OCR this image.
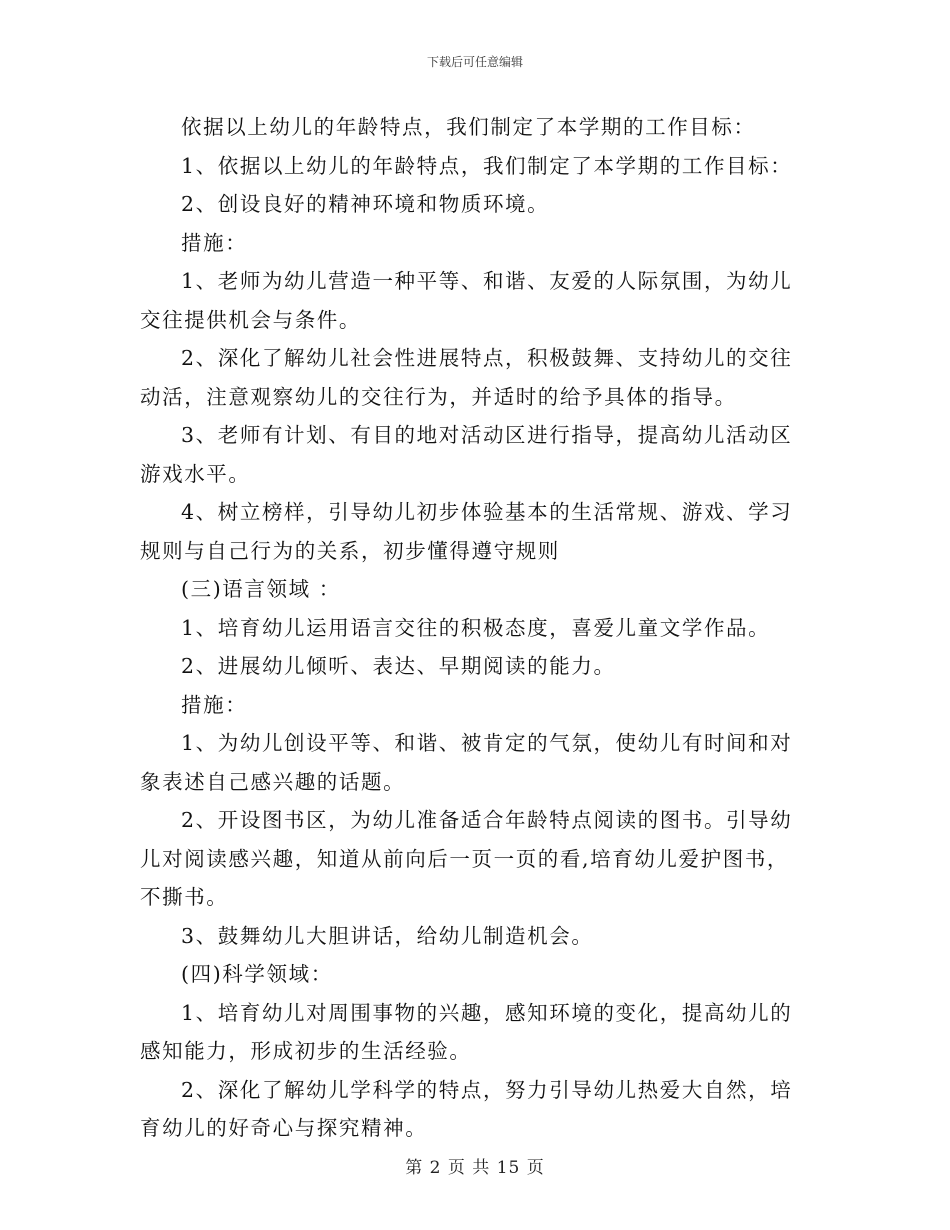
下载后可任意编辑

依据以上幼儿的年龄特点，我们制定了本学期的工作目标：

1、依据以上幼儿的年龄特点，我们制定了本学期的工作目标：

2、创设良好的精神环境和物质环境。

措施：

1、老师为幼儿营造一种平等、和谐、友爱的人际氛围，为幼儿交往提供机会与条件。

2、深化了解幼儿社会性进展特点，积极鼓舞、支持幼儿的交往动活，注意观察幼儿的交往行为，并适时的给予具体的指导。

3、老师有计划、有目的地对活动区进行指导，提高幼儿活动区游戏水平。

4、树立榜样，引导幼儿初步体验基本的生活常规、游戏、学习规则与自己行为的关系，初步懂得遵守规则

(三)语言领域 ：

1、培育幼儿运用语言交往的积极态度，喜爱儿童文学作品。

2、进展幼儿倾听、表达、早期阅读的能力。

措施：

1、为幼儿创设平等、和谐、被肯定的气氛，使幼儿有时间和对象表述自己感兴趣的话题。

2、开设图书区，为幼儿准备适合年龄特点阅读的图书。引导幼儿对阅读感兴趣，知道从前向后一页一页的看,培育幼儿爱护图书，不撕书。

3、鼓舞幼儿大胆讲话，给幼儿制造机会。

(四)科学领域：

1、培育幼儿对周围事物的兴趣，感知环境的变化，提高幼儿的感知能力，形成初步的生活经验。

2、深化了解幼儿学科学的特点，努力引导幼儿热爱大自然，培育幼儿的好奇心与探究精神。

第 2 页 共 15 页
